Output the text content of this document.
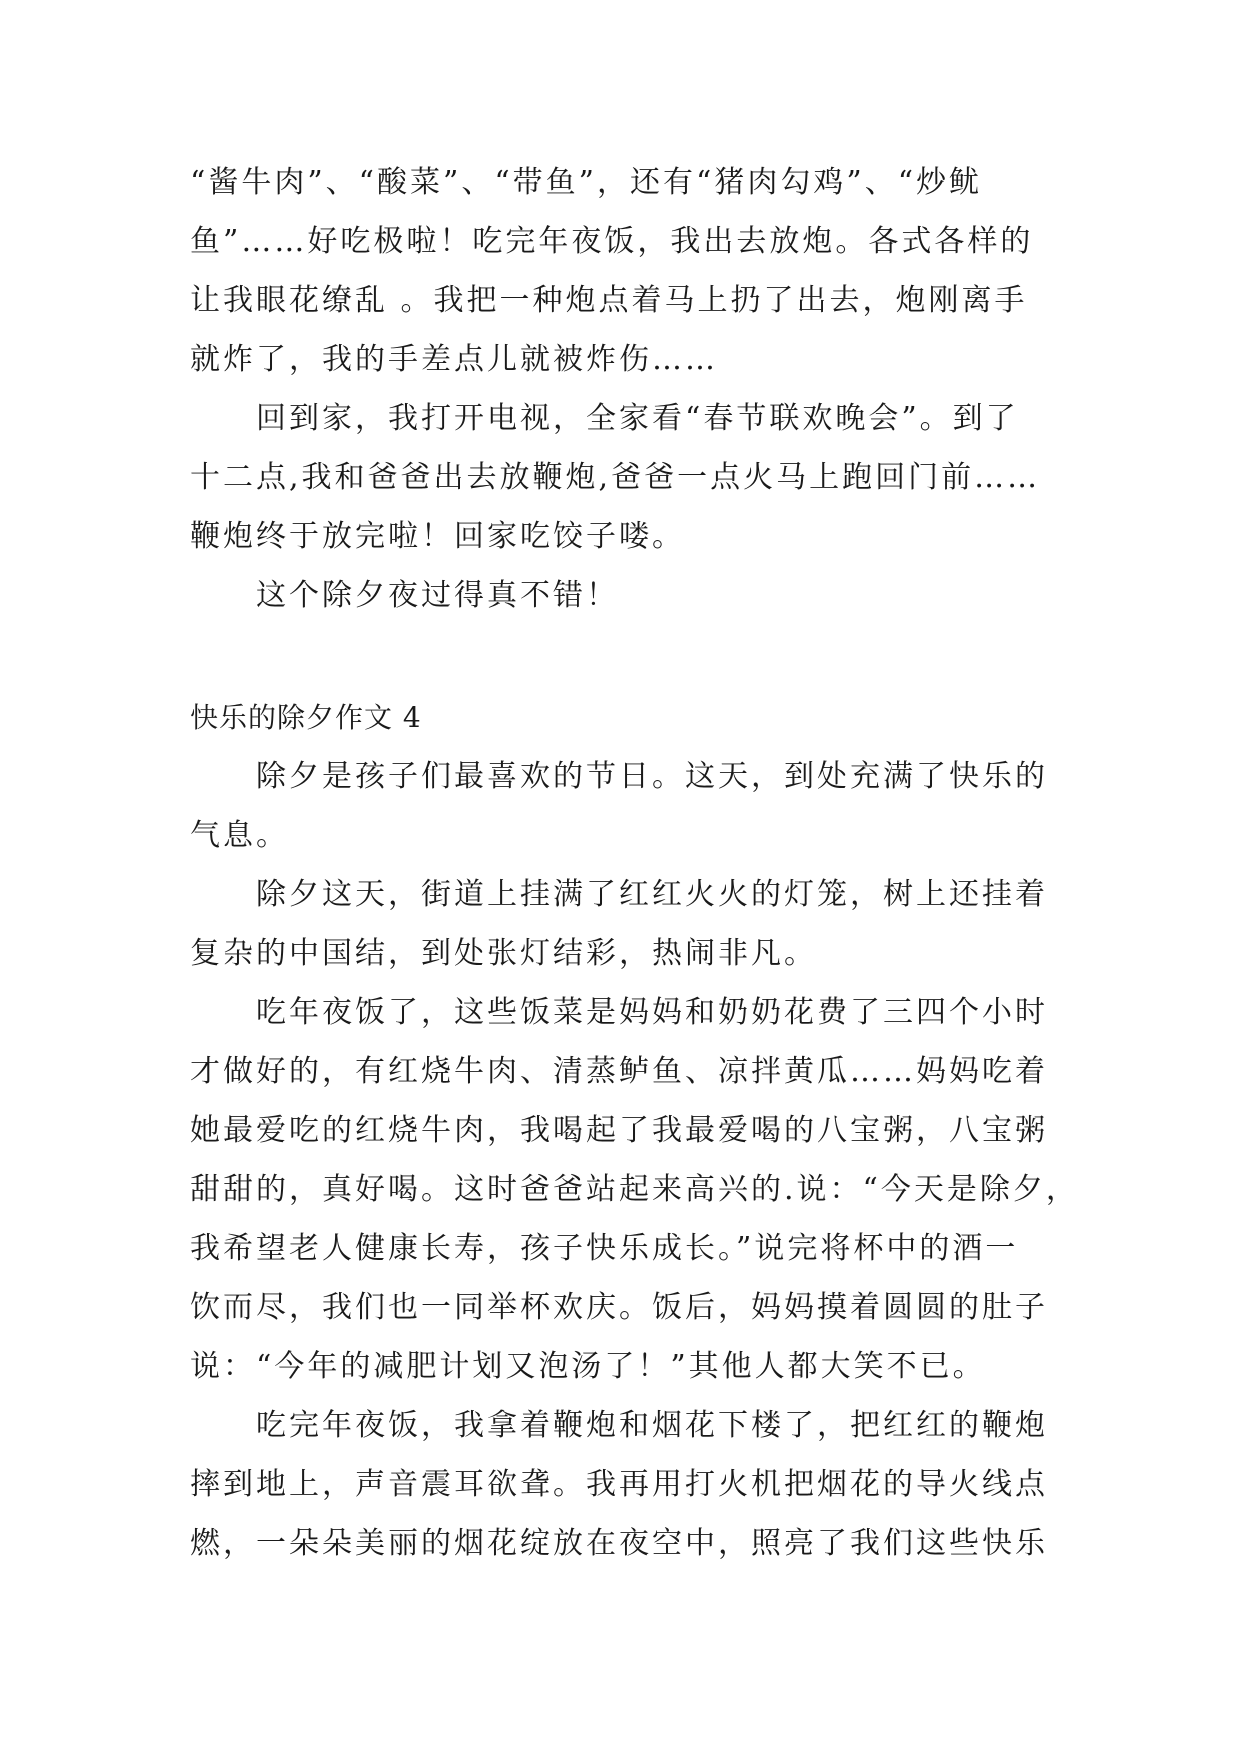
“酱牛肉”、“酸菜”、“带鱼”，还有“猪肉勾鸡”、“炒鱿
鱼”……好吃极啦！吃完年夜饭，我出去放炮。各式各样的
让我眼花缭乱 。我把一种炮点着马上扔了出去，炮刚离手
就炸了，我的手差点儿就被炸伤……
回到家，我打开电视，全家看“春节联欢晚会”。到了
十二点,我和爸爸出去放鞭炮,爸爸一点火马上跑回门前……
鞭炮终于放完啦！回家吃饺子喽。
这个除夕夜过得真不错！
快乐的除夕作文 4
除夕是孩子们最喜欢的节日。这天，到处充满了快乐的
气息。
除夕这天，街道上挂满了红红火火的灯笼，树上还挂着
复杂的中国结，到处张灯结彩，热闹非凡。
吃年夜饭了，这些饭菜是妈妈和奶奶花费了三四个小时
才做好的，有红烧牛肉、清蒸鲈鱼、凉拌黄瓜……妈妈吃着
她最爱吃的红烧牛肉，我喝起了我最爱喝的八宝粥，八宝粥
甜甜的，真好喝。这时爸爸站起来高兴的.说：“今天是除夕，
我希望老人健康长寿，孩子快乐成长。”说完将杯中的酒一
饮而尽，我们也一同举杯欢庆。饭后，妈妈摸着圆圆的肚子
说：“今年的减肥计划又泡汤了！”其他人都大笑不已。
吃完年夜饭，我拿着鞭炮和烟花下楼了，把红红的鞭炮
摔到地上，声音震耳欲聋。我再用打火机把烟花的导火线点
燃，一朵朵美丽的烟花绽放在夜空中，照亮了我们这些快乐
